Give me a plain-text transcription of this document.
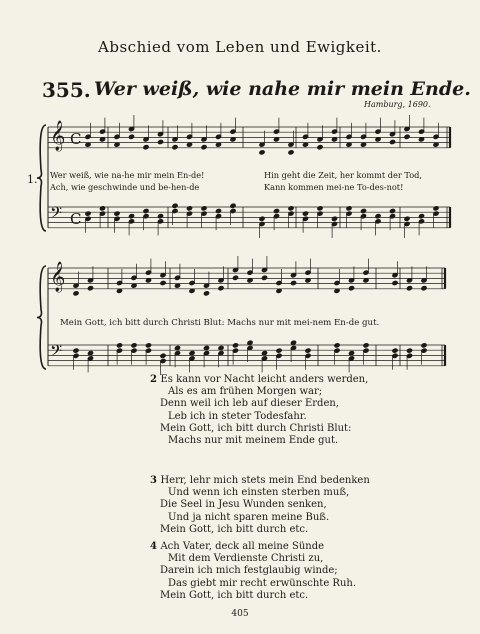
Abschied vom Leben und Ewigkeit.
355. Wer weiß, wie nahe mir mein Ende.
Hamburg, 1690.
𝄞
𝄢
C
C
𝄞
𝄢
1. Wer weiß, wie na-he mir mein En-de!	Hin geht die Zeit, her kommt der Tod,
Ach, wie geschwinde und be-hen-de	Kann kommen mei-ne To-des-not!
Mein Gott, ich bitt durch Christi Blut: Machs nur mit mei-nem En-de gut.
2 Es kann vor Nacht leicht anders werden,
Als es am frühen Morgen war;
Denn weil ich leb auf dieser Erden,
Leb ich in steter Todesfahr.
Mein Gott, ich bitt durch Christi Blut:
Machs nur mit meinem Ende gut.
3 Herr, lehr mich stets mein End bedenken
Und wenn ich einsten sterben muß,
Die Seel in Jesu Wunden senken,
Und ja nicht sparen meine Buß.
Mein Gott, ich bitt durch etc.
4 Ach Vater, deck all meine Sünde
Mit dem Verdienste Christi zu,
Darein ich mich festglaubig winde;
Das giebt mir recht erwünschte Ruh.
Mein Gott, ich bitt durch etc.
405
